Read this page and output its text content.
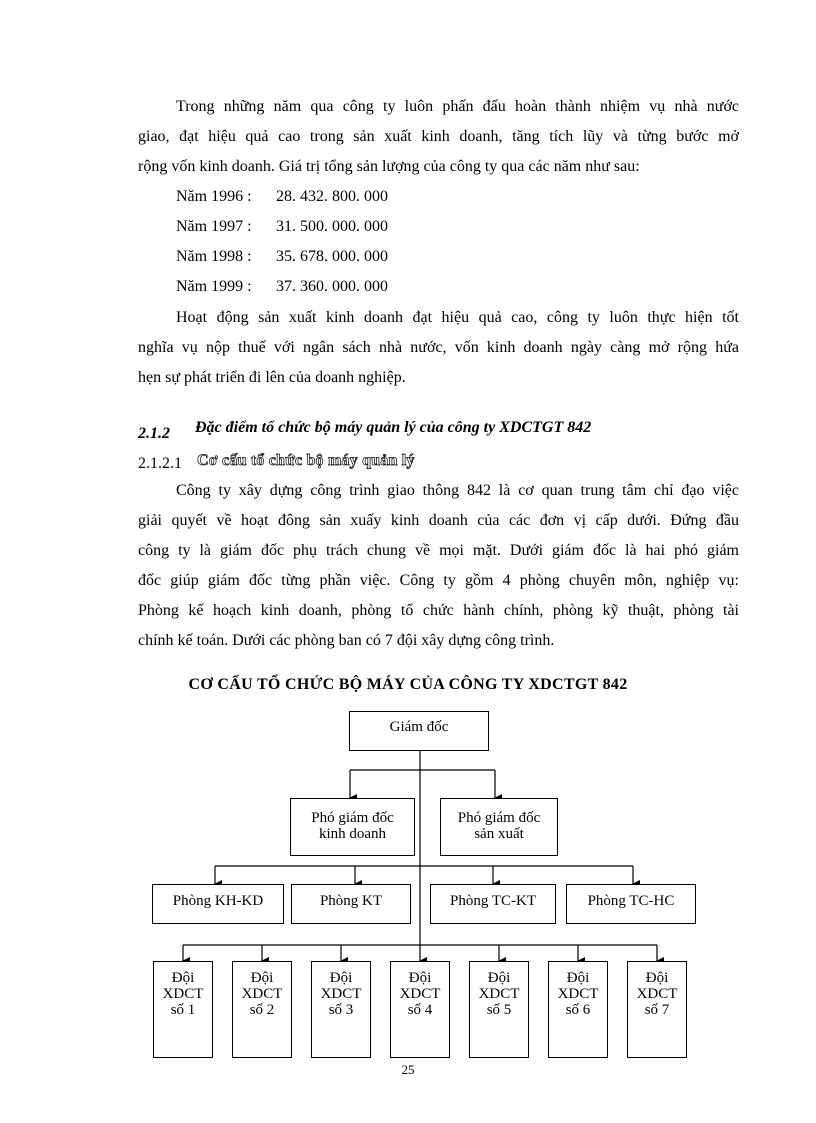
Trong những năm qua công ty luôn phấn đấu hoàn thành nhiệm vụ nhà nước
giao, đạt hiệu quả cao trong sản xuất kinh doanh, tăng tích lũy và từng bước mở
rộng vốn kinh doanh. Giá trị tổng sản lượng của công ty qua các năm như sau:
Năm 1996 : 28. 432. 800. 000
Năm 1997 : 31. 500. 000. 000
Năm 1998 : 35. 678. 000. 000
Năm 1999 : 37. 360. 000. 000
Hoạt động sản xuất kinh doanh đạt hiệu quả cao, công ty luôn thực hiện tốt
nghĩa vụ nộp thuế với ngân sách nhà nước, vốn kinh doanh ngày càng mở rộng hứa
hẹn sự phát triển đi lên của doanh nghiệp.
2.1.2 Đặc điểm tổ chức bộ máy quản lý của công ty XDCTGT 842
2.1.2.1 Cơ cấu tổ chức bộ máy quản lý
Công ty xây dựng công trình giao thông 842 là cơ quan trung tâm chỉ đạo việc
giải quyết về hoạt đông sản xuấy kinh doanh của các đơn vị cấp dưới. Đứng đầu
công ty là giám đốc phụ trách chung về mọi mặt. Dưới giám đốc là hai phó giám
đốc giúp giám đốc từng phần việc. Công ty gồm 4 phòng chuyên môn, nghiệp vụ:
Phòng kế hoạch kinh doanh, phòng tổ chức hành chính, phòng kỹ thuật, phòng tài
chính kế toán. Dưới các phòng ban có 7 đội xây dựng công trình.
CƠ CẤU TỔ CHỨC BỘ MÁY CỦA CÔNG TY XDCTGT 842
Giám đốc
Phó giám đốc
kinh doanh
Phó giám đốc
sản xuất
Phòng KH-KD	Phòng KT	Phòng TC-KT	Phòng TC-HC
Đội
XDCT
số 1
Đội
XDCT
số 2
Đội
XDCT
số 3
Đội
XDCT
số 4
Đội
XDCT
số 5
Đội
XDCT
số 6
Đội
XDCT
số 7
25
